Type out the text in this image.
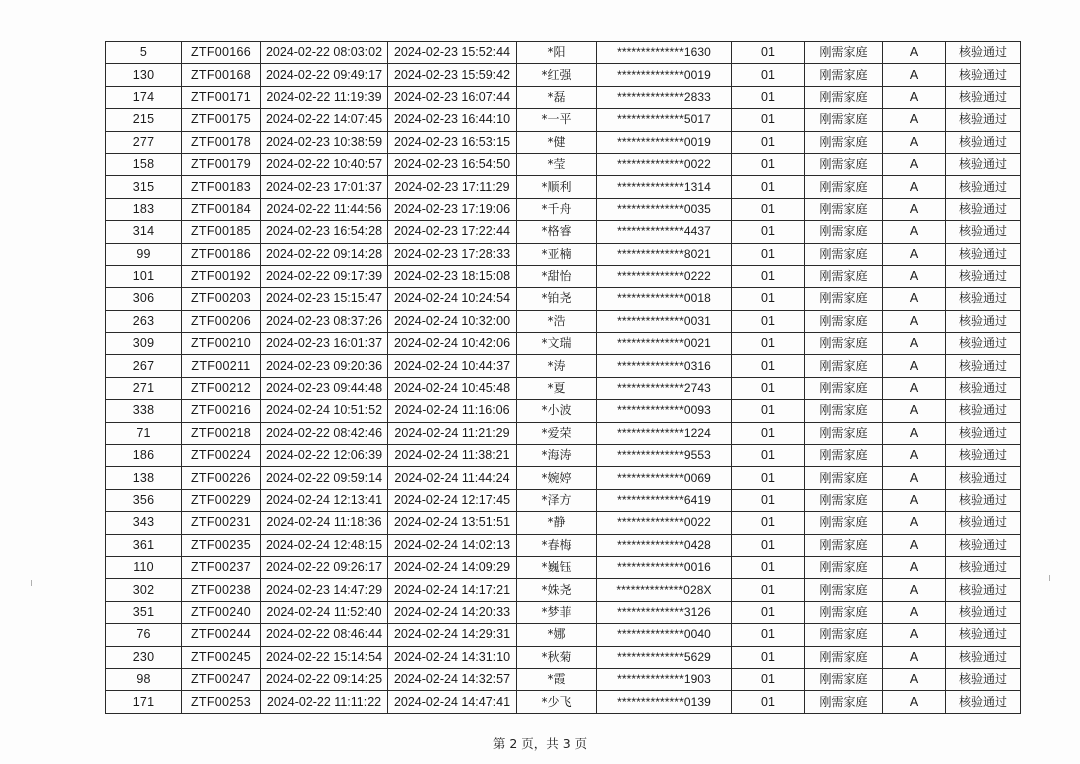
5	ZTF00166	2024-02-22 08:03:02	2024-02-23 15:52:44	*阳	**************1630	01	刚需家庭	A	核验通过
130	ZTF00168	2024-02-22 09:49:17	2024-02-23 15:59:42	*红强	**************0019	01	刚需家庭	A	核验通过
174	ZTF00171	2024-02-22 11:19:39	2024-02-23 16:07:44	*磊	**************2833	01	刚需家庭	A	核验通过
215	ZTF00175	2024-02-22 14:07:45	2024-02-23 16:44:10	*一平	**************5017	01	刚需家庭	A	核验通过
277	ZTF00178	2024-02-23 10:38:59	2024-02-23 16:53:15	*健	**************0019	01	刚需家庭	A	核验通过
158	ZTF00179	2024-02-22 10:40:57	2024-02-23 16:54:50	*莹	**************0022	01	刚需家庭	A	核验通过
315	ZTF00183	2024-02-23 17:01:37	2024-02-23 17:11:29	*顺利	**************1314	01	刚需家庭	A	核验通过
183	ZTF00184	2024-02-22 11:44:56	2024-02-23 17:19:06	*千舟	**************0035	01	刚需家庭	A	核验通过
314	ZTF00185	2024-02-23 16:54:28	2024-02-23 17:22:44	*格睿	**************4437	01	刚需家庭	A	核验通过
99	ZTF00186	2024-02-22 09:14:28	2024-02-23 17:28:33	*亚楠	**************8021	01	刚需家庭	A	核验通过
101	ZTF00192	2024-02-22 09:17:39	2024-02-23 18:15:08	*甜怡	**************0222	01	刚需家庭	A	核验通过
306	ZTF00203	2024-02-23 15:15:47	2024-02-24 10:24:54	*铂尧	**************0018	01	刚需家庭	A	核验通过
263	ZTF00206	2024-02-23 08:37:26	2024-02-24 10:32:00	*浩	**************0031	01	刚需家庭	A	核验通过
309	ZTF00210	2024-02-23 16:01:37	2024-02-24 10:42:06	*文瑞	**************0021	01	刚需家庭	A	核验通过
267	ZTF00211	2024-02-23 09:20:36	2024-02-24 10:44:37	*涛	**************0316	01	刚需家庭	A	核验通过
271	ZTF00212	2024-02-23 09:44:48	2024-02-24 10:45:48	*夏	**************2743	01	刚需家庭	A	核验通过
338	ZTF00216	2024-02-24 10:51:52	2024-02-24 11:16:06	*小波	**************0093	01	刚需家庭	A	核验通过
71	ZTF00218	2024-02-22 08:42:46	2024-02-24 11:21:29	*爱荣	**************1224	01	刚需家庭	A	核验通过
186	ZTF00224	2024-02-22 12:06:39	2024-02-24 11:38:21	*海涛	**************9553	01	刚需家庭	A	核验通过
138	ZTF00226	2024-02-22 09:59:14	2024-02-24 11:44:24	*婉婷	**************0069	01	刚需家庭	A	核验通过
356	ZTF00229	2024-02-24 12:13:41	2024-02-24 12:17:45	*泽方	**************6419	01	刚需家庭	A	核验通过
343	ZTF00231	2024-02-24 11:18:36	2024-02-24 13:51:51	*静	**************0022	01	刚需家庭	A	核验通过
361	ZTF00235	2024-02-24 12:48:15	2024-02-24 14:02:13	*春梅	**************0428	01	刚需家庭	A	核验通过
110	ZTF00237	2024-02-22 09:26:17	2024-02-24 14:09:29	*巍钰	**************0016	01	刚需家庭	A	核验通过
302	ZTF00238	2024-02-23 14:47:29	2024-02-24 14:17:21	*姝尧	**************028X	01	刚需家庭	A	核验通过
351	ZTF00240	2024-02-24 11:52:40	2024-02-24 14:20:33	*梦菲	**************3126	01	刚需家庭	A	核验通过
76	ZTF00244	2024-02-22 08:46:44	2024-02-24 14:29:31	*娜	**************0040	01	刚需家庭	A	核验通过
230	ZTF00245	2024-02-22 15:14:54	2024-02-24 14:31:10	*秋菊	**************5629	01	刚需家庭	A	核验通过
98	ZTF00247	2024-02-22 09:14:25	2024-02-24 14:32:57	*霞	**************1903	01	刚需家庭	A	核验通过
171	ZTF00253	2024-02-22 11:11:22	2024-02-24 14:47:41	*少飞	**************0139	01	刚需家庭	A	核验通过
第 2 页，共 3 页
